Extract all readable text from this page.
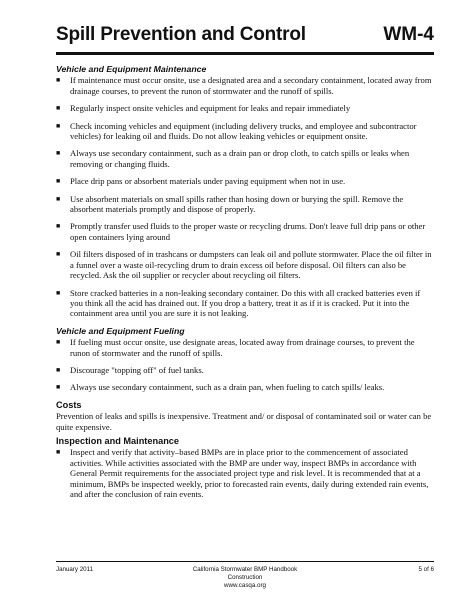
Spill Prevention and Control	WM-4
Vehicle and Equipment Maintenance
■	If maintenance must occur onsite, use a designated area and a secondary containment, located away from drainage courses, to prevent the runon of stormwater and the runoff of spills.
■	Regularly inspect onsite vehicles and equipment for leaks and repair immediately
■	Check incoming vehicles and equipment (including delivery trucks, and employee and subcontractor vehicles) for leaking oil and fluids. Do not allow leaking vehicles or equipment onsite.
■	Always use secondary containment, such as a drain pan or drop cloth, to catch spills or leaks when removing or changing fluids.
■	Place drip pans or absorbent materials under paving equipment when not in use.
■	Use absorbent materials on small spills rather than hosing down or burying the spill. Remove the absorbent materials promptly and dispose of properly.
■	Promptly transfer used fluids to the proper waste or recycling drums. Don't leave full drip pans or other open containers lying around
■	Oil filters disposed of in trashcans or dumpsters can leak oil and pollute stormwater. Place the oil filter in a funnel over a waste oil-recycling drum to drain excess oil before disposal. Oil filters can also be recycled. Ask the oil supplier or recycler about recycling oil filters.
■	Store cracked batteries in a non-leaking secondary container. Do this with all cracked batteries even if you think all the acid has drained out. If you drop a battery, treat it as if it is cracked. Put it into the containment area until you are sure it is not leaking.
Vehicle and Equipment Fueling
■	If fueling must occur onsite, use designate areas, located away from drainage courses, to prevent the runon of stormwater and the runoff of spills.
■	Discourage "topping off" of fuel tanks.
■	Always use secondary containment, such as a drain pan, when fueling to catch spills/ leaks.
Costs

Prevention of leaks and spills is inexpensive. Treatment and/ or disposal of contaminated soil or water can be quite expensive.

Inspection and Maintenance
■	Inspect and verify that activity–based BMPs are in place prior to the commencement of associated activities. While activities associated with the BMP are under way, inspect BMPs in accordance with General Permit requirements for the associated project type and risk level. It is recommended that at a minimum, BMPs be inspected weekly, prior to forecasted rain events, daily during extended rain events, and after the conclusion of rain events.
January 2011	California Stormwater BMP Handbook
Construction
www.casqa.org
5 of 6
